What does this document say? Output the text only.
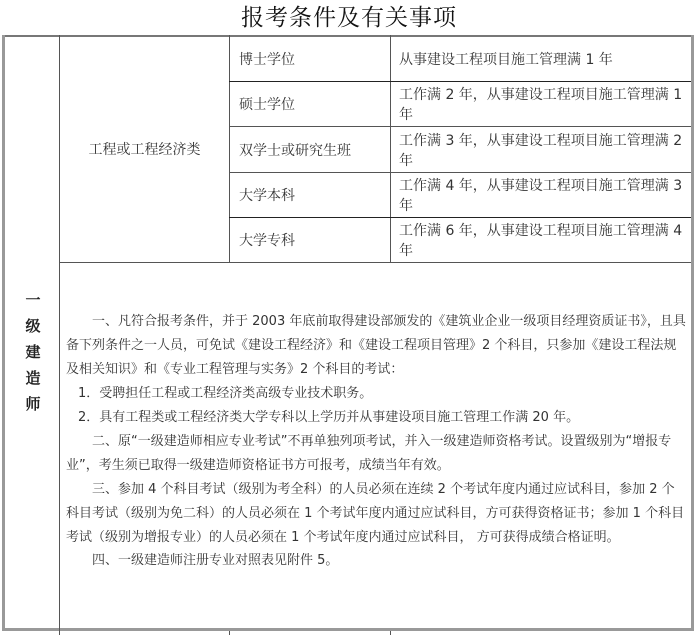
报考条件及有关事项
工程或工程经济类
博士学位	从事建设工程项目施工管理满 1 年
硕士学位
工作满 2 年，从事建设工程项目施工管理满 1 年
双学士或研究生班
工作满 3 年，从事建设工程项目施工管理满 2 年
大学本科
工作满 4 年，从事建设工程项目施工管理满 3 年
大学专科
工作满 6 年，从事建设工程项目施工管理满 4 年
一
级
建
造
师

一、凡符合报考条件，并于 2003 年底前取得建设部颁发的《建筑业企业一级项目经理资质证书》，且具备下列条件之一人员，可免试《建设工程经济》和《建设工程项目管理》2 个科目，只参加《建设工程法规及相关知识》和《专业工程管理与实务》2 个科目的考试：

1．受聘担任工程或工程经济类高级专业技术职务。

2．具有工程类或工程经济类大学专科以上学历并从事建设项目施工管理工作满 20 年。

二、原“一级建造师相应专业考试”不再单独列项考试，并入一级建造师资格考试。设置级别为“增报专业”，考生须已取得一级建造师资格证书方可报考，成绩当年有效。

三、参加 4 个科目考试（级别为考全科）的人员必须在连续 2 个考试年度内通过应试科目，参加 2 个科目考试（级别为免二科）的人员必须在 1 个考试年度内通过应试科目，方可获得资格证书；参加 1 个科目考试（级别为增报专业）的人员必须在 1 个考试年度内通过应试科目， 方可获得成绩合格证明。

四、一级建造师注册专业对照表见附件 5。
